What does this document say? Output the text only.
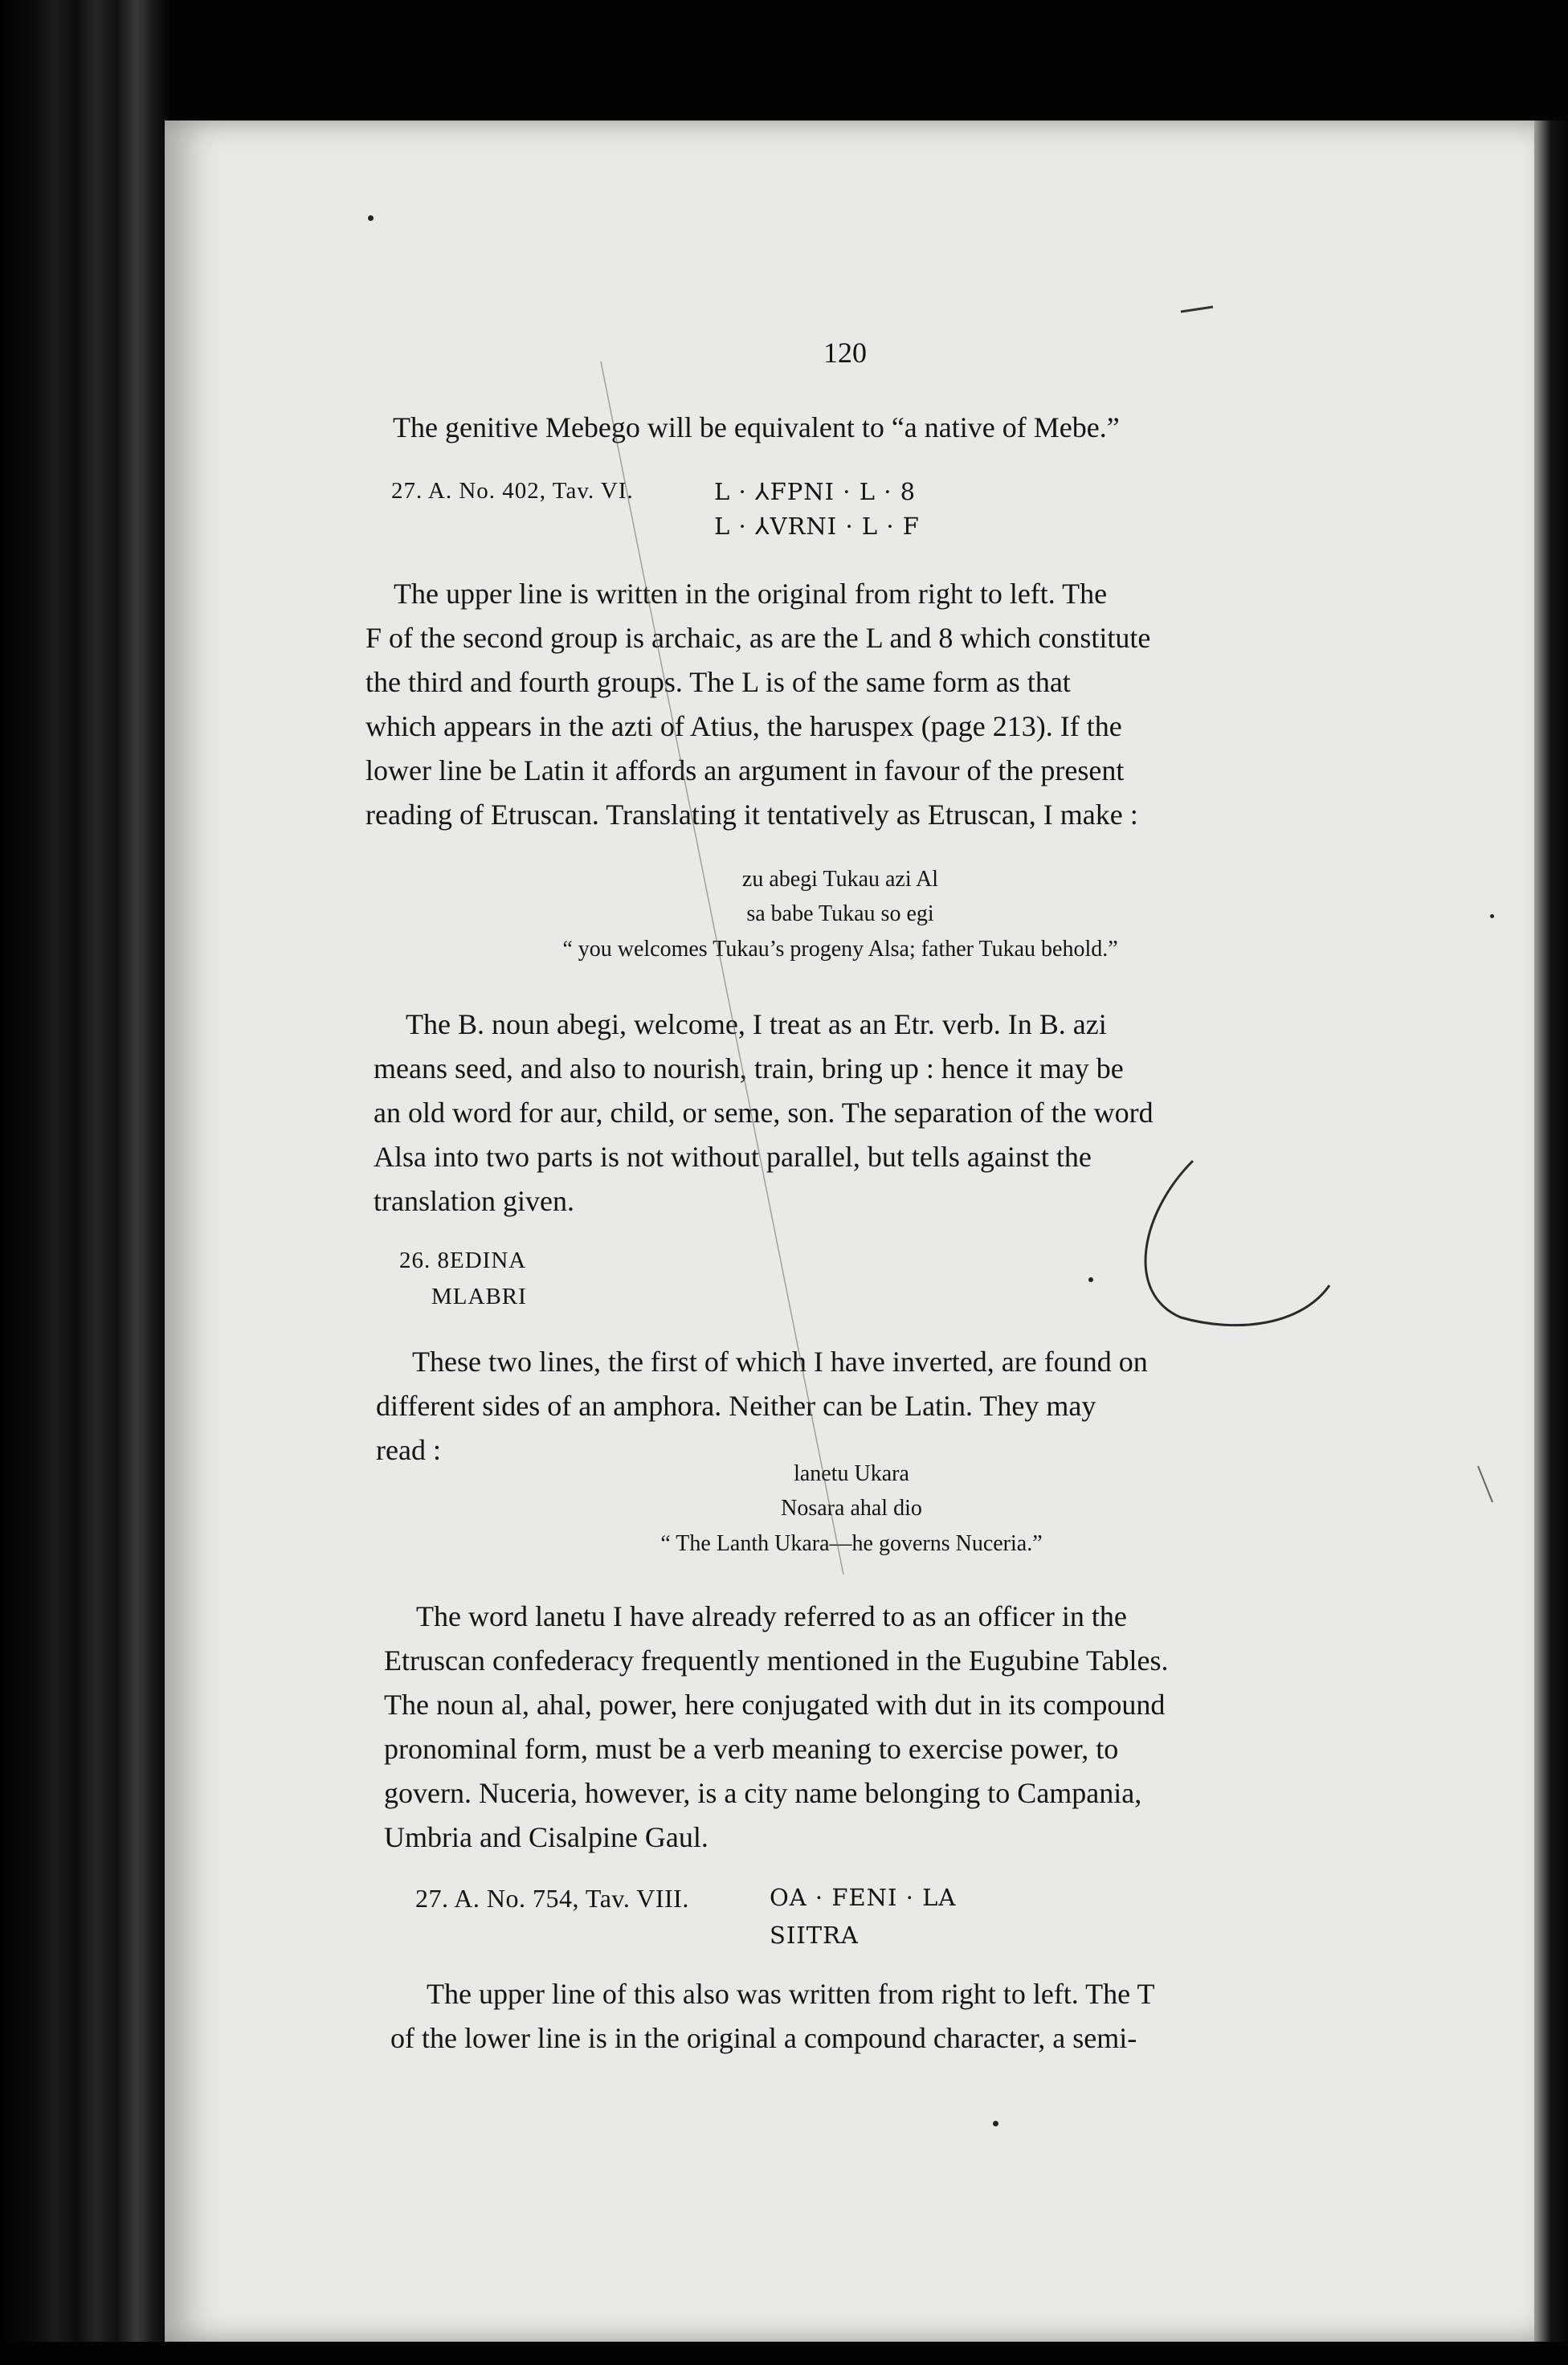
120
The genitive Mebego will be equivalent to “a native of Mebe.”
27. A. No. 402, Tav. VI.	L · ⅄FPNI · L · 8
L · ⅄VRNI · L · F
The upper line is written in the original from right to left. The
F of the second group is archaic, as are the L and 8 which constitute
the third and fourth groups. The L is of the same form as that
which appears in the azti of Atius, the haruspex (page 213). If the
lower line be Latin it affords an argument in favour of the present
reading of Etruscan. Translating it tentatively as Etruscan, I make :
zu abegi Tukau azi Al
sa babe Tukau so egi
“ you welcomes Tukau’s progeny Alsa; father Tukau behold.”
The B. noun abegi, welcome, I treat as an Etr. verb. In B. azi
means seed, and also to nourish, train, bring up : hence it may be
an old word for aur, child, or seme, son. The separation of the word
Alsa into two parts is not without parallel, but tells against the
translation given.
26. 8EDINA
MLABRI
These two lines, the first of which I have inverted, are found on
different sides of an amphora. Neither can be Latin. They may
read :
lanetu Ukara
Nosara ahal dio
“ The Lanth Ukara—he governs Nuceria.”
The word lanetu I have already referred to as an officer in the
Etruscan confederacy frequently mentioned in the Eugubine Tables.
The noun al, ahal, power, here conjugated with dut in its compound
pronominal form, must be a verb meaning to exercise power, to
govern. Nuceria, however, is a city name belonging to Campania,
Umbria and Cisalpine Gaul.
27. A. No. 754, Tav. VIII.	OA · FENI · LA
SIITRA
The upper line of this also was written from right to left. The T
of the lower line is in the original a compound character, a semi-
